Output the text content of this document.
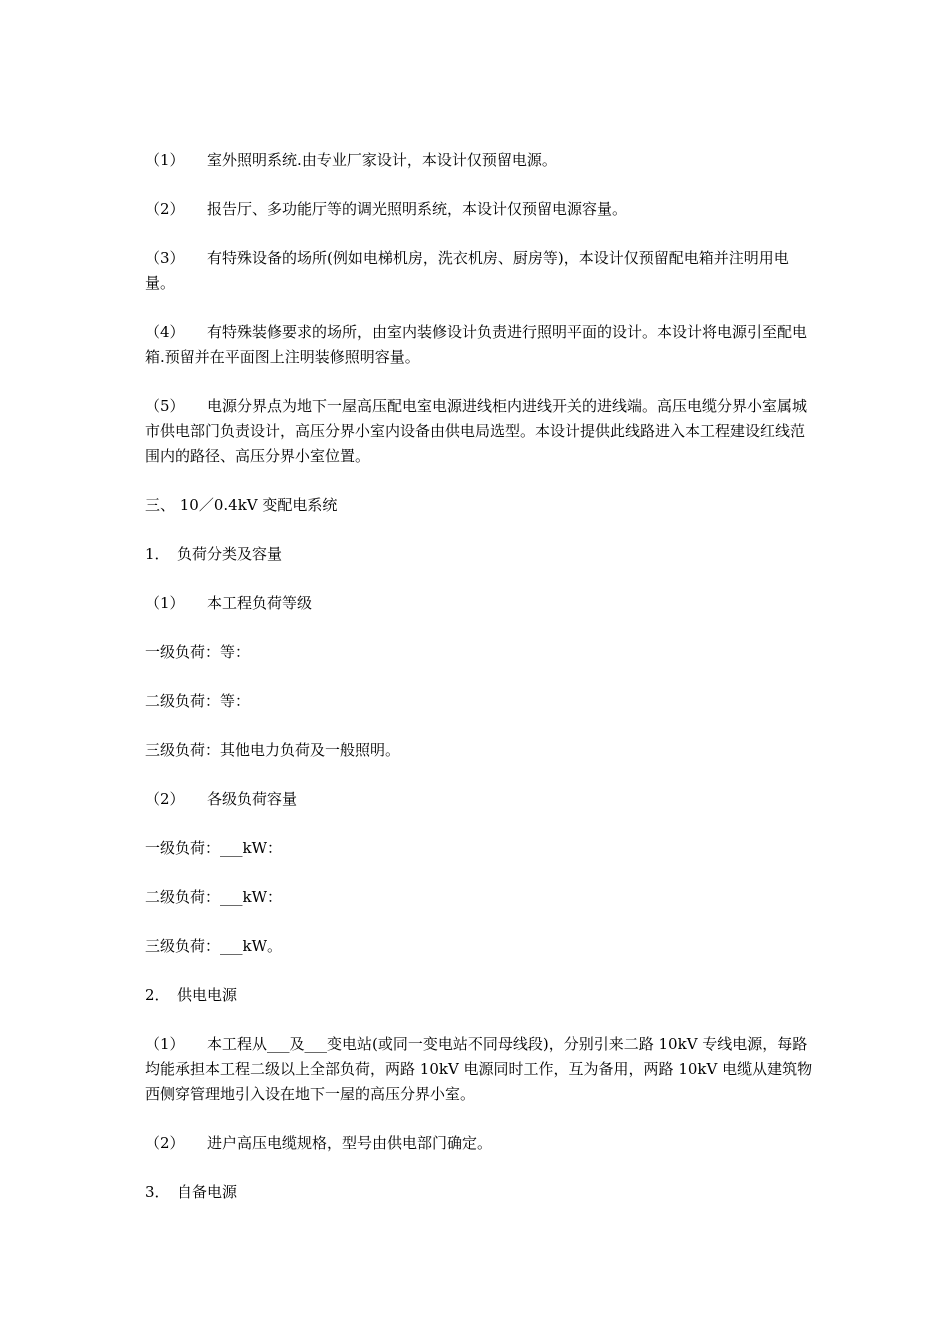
（1）　　室外照明系统.由专业厂家设计，本设计仅预留电源。

（2）　　报告厅、多功能厅等的调光照明系统，本设计仅预留电源容量。

（3）　　有特殊设备的场所(例如电梯机房，洗衣机房、厨房等)，本设计仅预留配电箱并注明用电量。

（4）　　有特殊装修要求的场所，由室内装修设计负责进行照明平面的设计。本设计将电源引至配电箱.预留并在平面图上注明装修照明容量。

（5）　　电源分界点为地下一屋高压配电室电源进线柜内进线开关的进线端。高压电缆分界小室属城市供电部门负责设计，高压分界小室内设备由供电局选型。本设计提供此线路进入本工程建设红线范围内的路径、高压分界小室位置。

三、 10／0.4kV 变配电系统

1．　负荷分类及容量

（1）　　本工程负荷等级

一级负荷：等：

二级负荷：等：

三级负荷：其他电力负荷及一般照明。

（2）　　各级负荷容量

一级负荷：___kW：

二级负荷：___kW：

三级负荷：___kW。

2．　供电电源

（1）　　本工程从___及___变电站(或同一变电站不同母线段)，分别引来二路 10kV 专线电源，每路均能承担本工程二级以上全部负荷，两路 10kV 电源同时工作，互为备用，两路 10kV 电缆从建筑物西侧穿管理地引入设在地下一屋的高压分界小室。

（2）　　进户高压电缆规格，型号由供电部门确定。

3．　自备电源
